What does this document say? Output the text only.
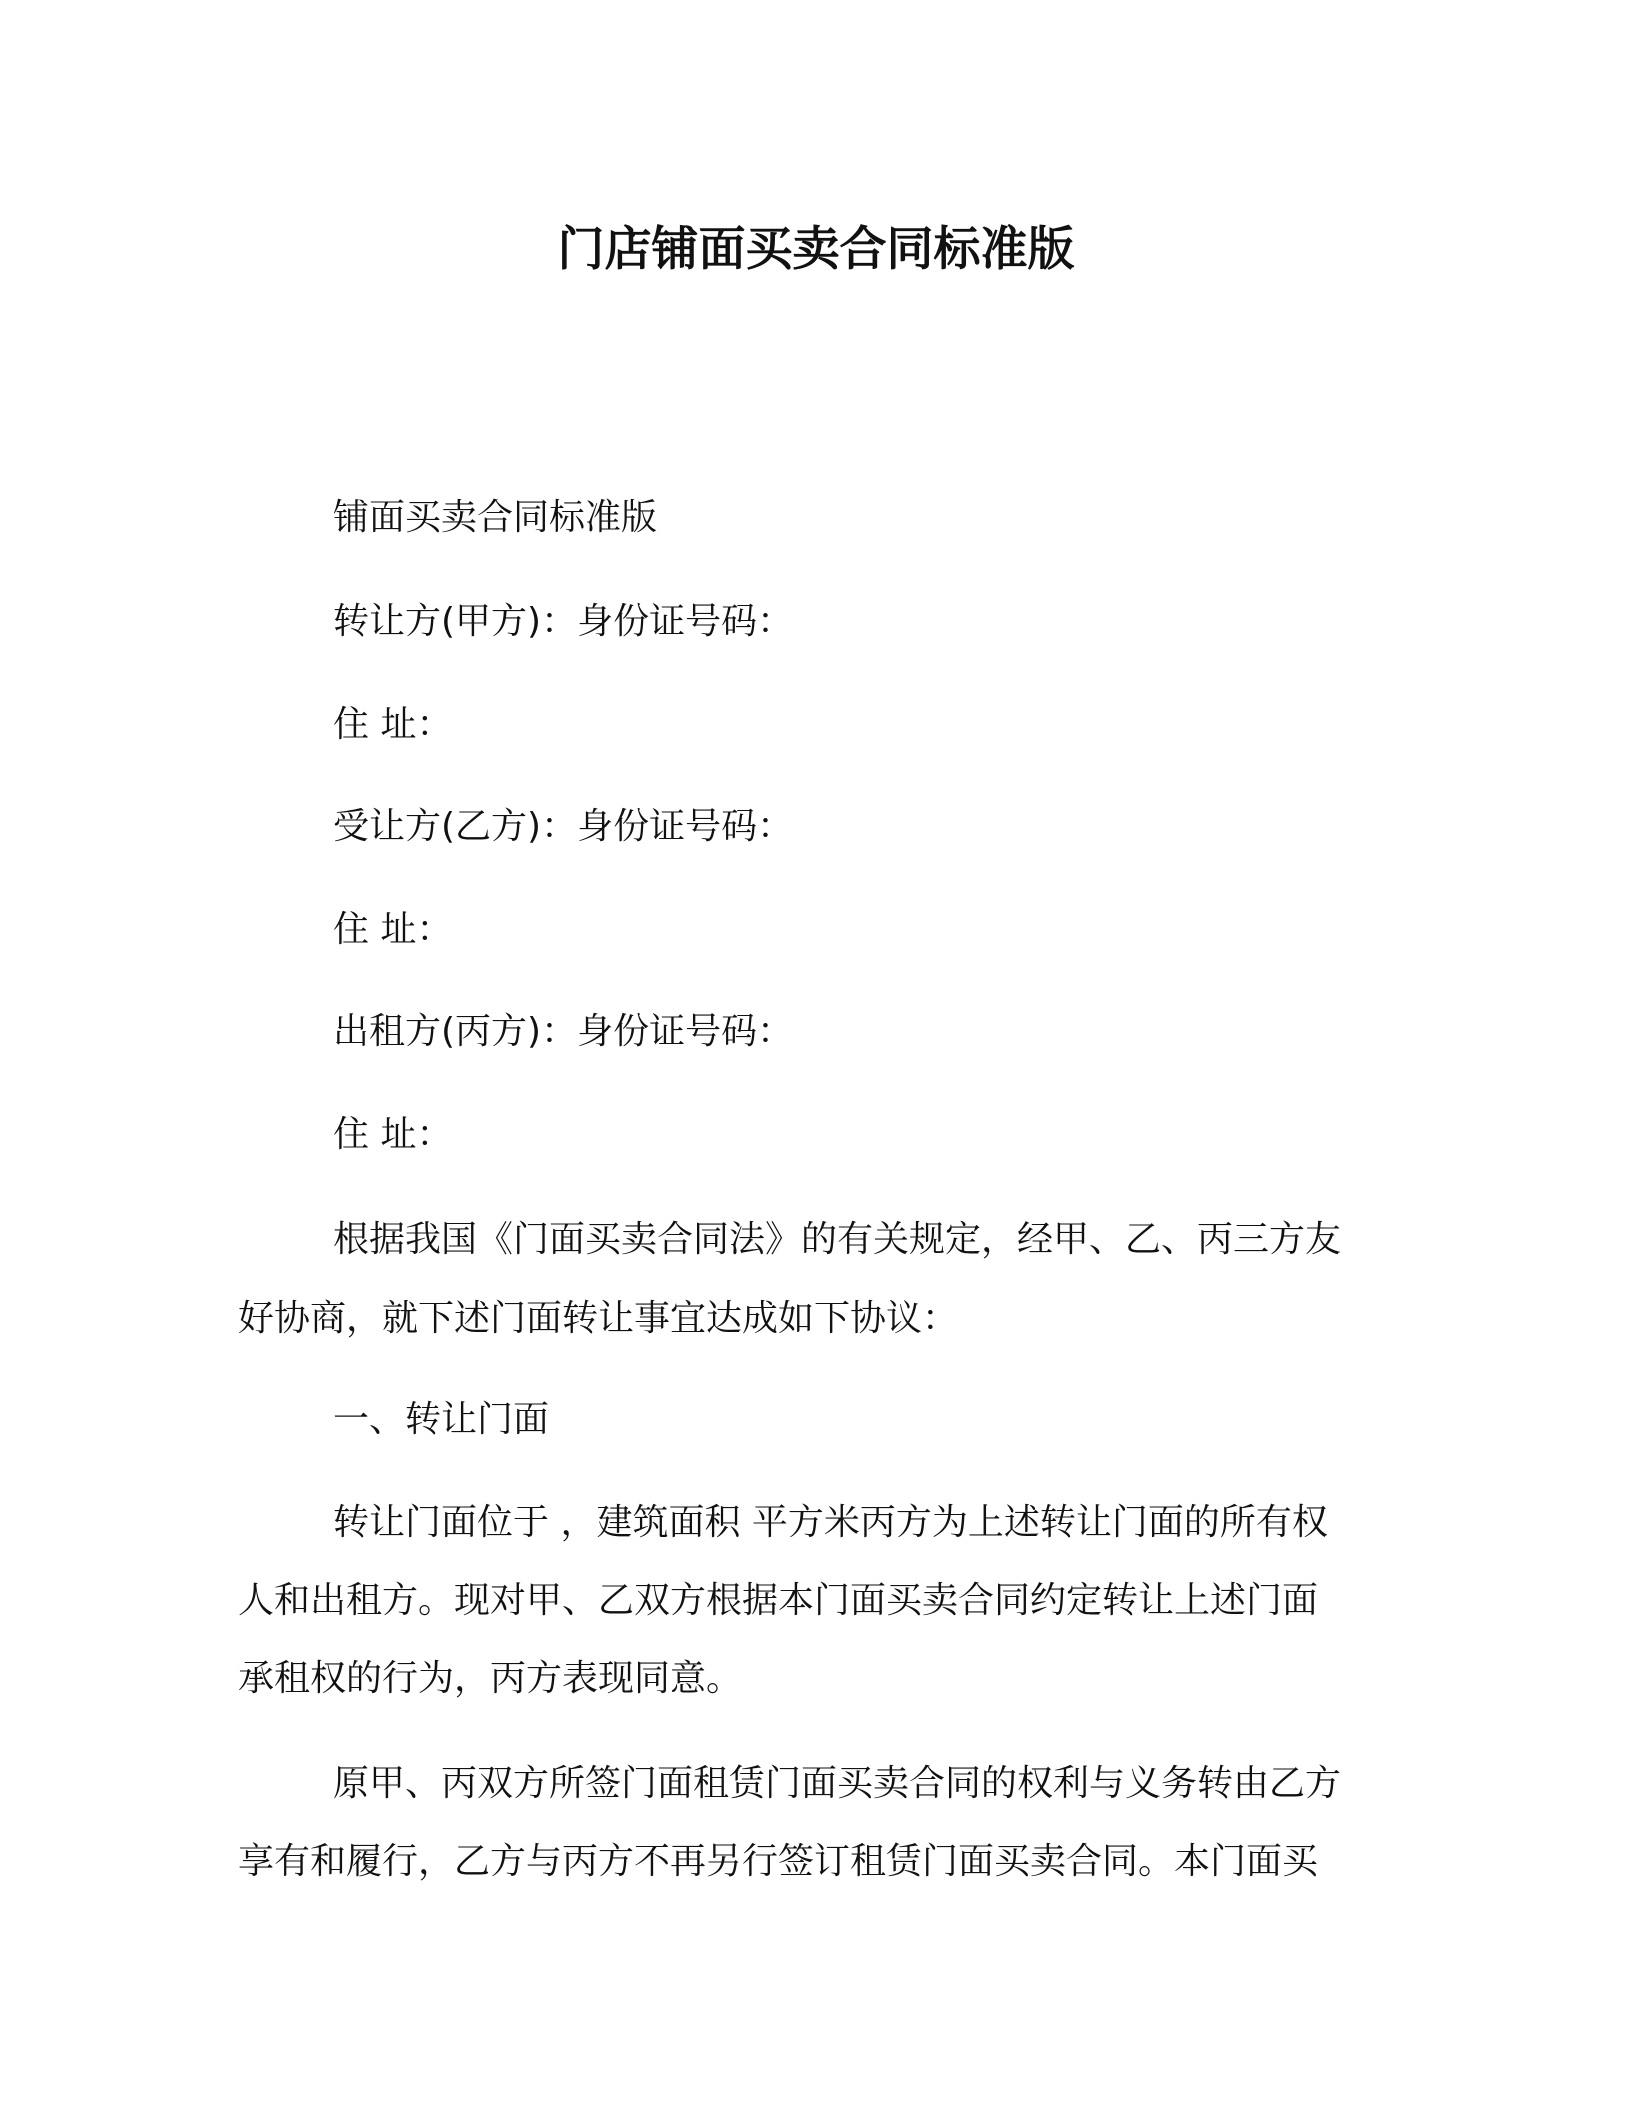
门店铺面买卖合同标准版
铺面买卖合同标准版
转让方(甲方)：身份证号码：
住 址：
受让方(乙方)：身份证号码：
住 址：
出租方(丙方)：身份证号码：
住 址：
根据我国《门面买卖合同法》的有关规定，经甲、乙、丙三方友
好协商，就下述门面转让事宜达成如下协议：
一、转让门面
转让门面位于 ，建筑面积 平方米丙方为上述转让门面的所有权
人和出租方。现对甲、乙双方根据本门面买卖合同约定转让上述门面
承租权的行为，丙方表现同意。
原甲、丙双方所签门面租赁门面买卖合同的权利与义务转由乙方
享有和履行，乙方与丙方不再另行签订租赁门面买卖合同。本门面买
